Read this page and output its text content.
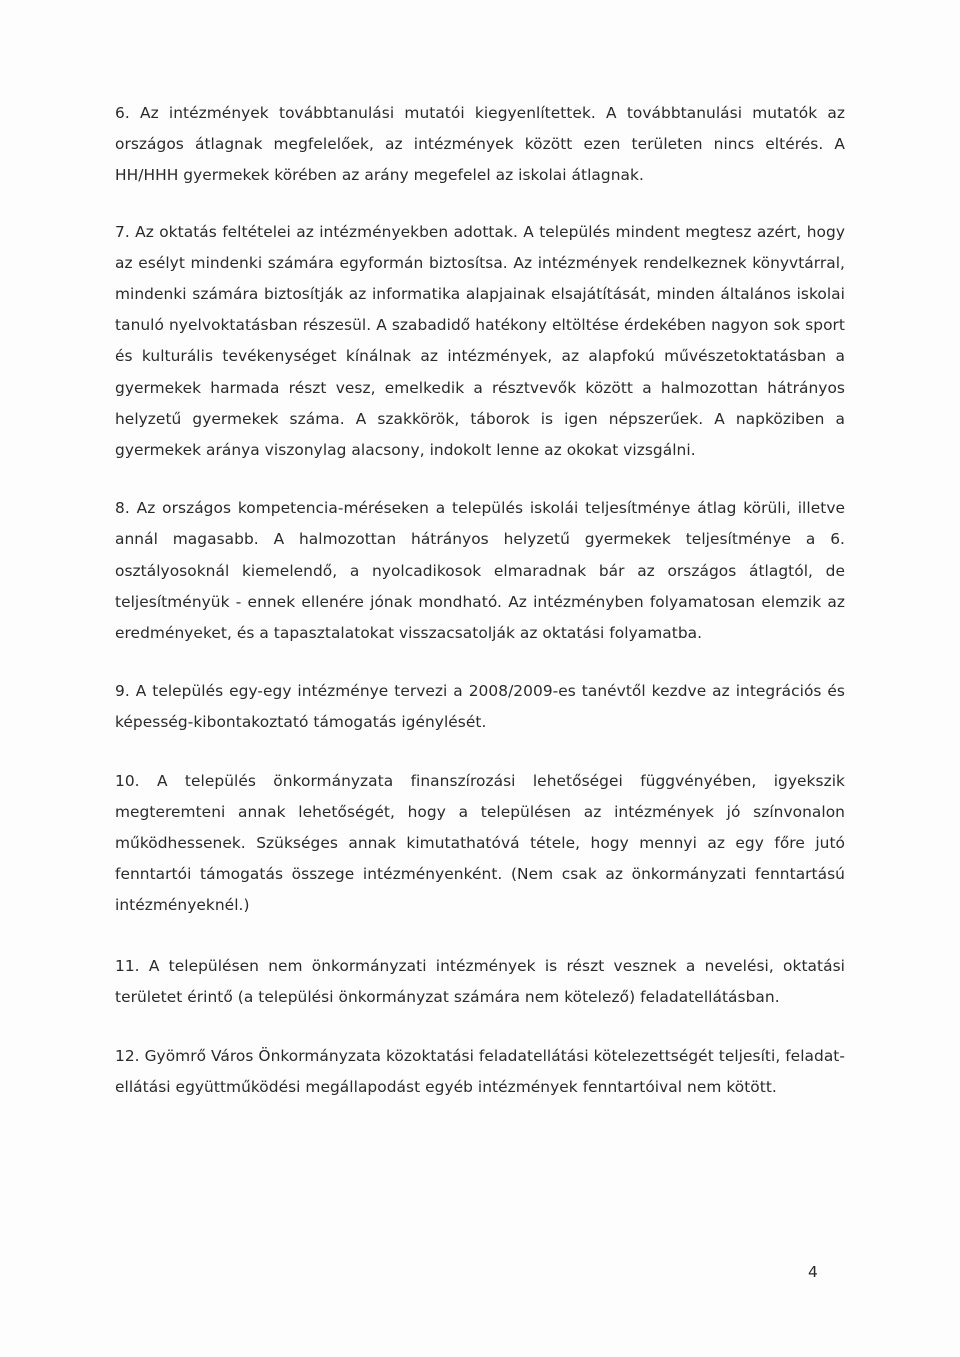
6. Az intézmények továbbtanulási mutatói kiegyenlítettek. A továbbtanulási mutatók az országos átlagnak megfelelőek, az intézmények között ezen területen nincs eltérés. A HH/HHH gyermekek körében az arány megefelel az iskolai átlagnak.

7. Az oktatás feltételei az intézményekben adottak. A település mindent megtesz azért, hogy az esélyt mindenki számára egyformán biztosítsa. Az intézmények rendelkeznek könyvtárral, mindenki számára biztosítják az informatika alapjainak elsajátítását, minden általános iskolai tanuló nyelvoktatásban részesül. A szabadidő hatékony eltöltése érdekében nagyon sok sport és kulturális tevékenységet kínálnak az intézmények, az alapfokú művészetoktatásban a gyermekek harmada részt vesz, emelkedik a résztvevők között a halmozottan hátrányos helyzetű gyermekek száma. A szakkörök, táborok is igen népszerűek. A napköziben a gyermekek aránya viszonylag alacsony, indokolt lenne az okokat vizsgálni.

8. Az országos kompetencia-méréseken a település iskolái teljesítménye átlag körüli, illetve annál magasabb. A halmozottan hátrányos helyzetű gyermekek teljesítménye a 6. osztályosoknál kiemelendő, a nyolcadikosok elmaradnak bár az országos átlagtól, de teljesítményük - ennek ellenére jónak mondható. Az intézményben folyamatosan elemzik az eredményeket, és a tapasztalatokat visszacsatolják az oktatási folyamatba.

9. A település egy-egy intézménye tervezi a 2008/2009-es tanévtől kezdve az integrációs és képesség-kibontakoztató támogatás igénylését.

10. A település önkormányzata finanszírozási lehetőségei függvényében, igyekszik megteremteni annak lehetőségét, hogy a településen az intézmények jó színvonalon működhessenek. Szükséges annak kimutathatóvá tétele, hogy mennyi az egy főre jutó fenntartói támogatás összege intézményenként. (Nem csak az önkormányzati fenntartású intézményeknél.)

11. A településen nem önkormányzati intézmények is részt vesznek a nevelési, oktatási területet érintő (a települési önkormányzat számára nem kötelező) feladatellátásban.

12. Gyömrő Város Önkormányzata közoktatási feladatellátási kötelezettségét teljesíti, feladat-ellátási együttműködési megállapodást egyéb intézmények fenntartóival nem kötött.

4
